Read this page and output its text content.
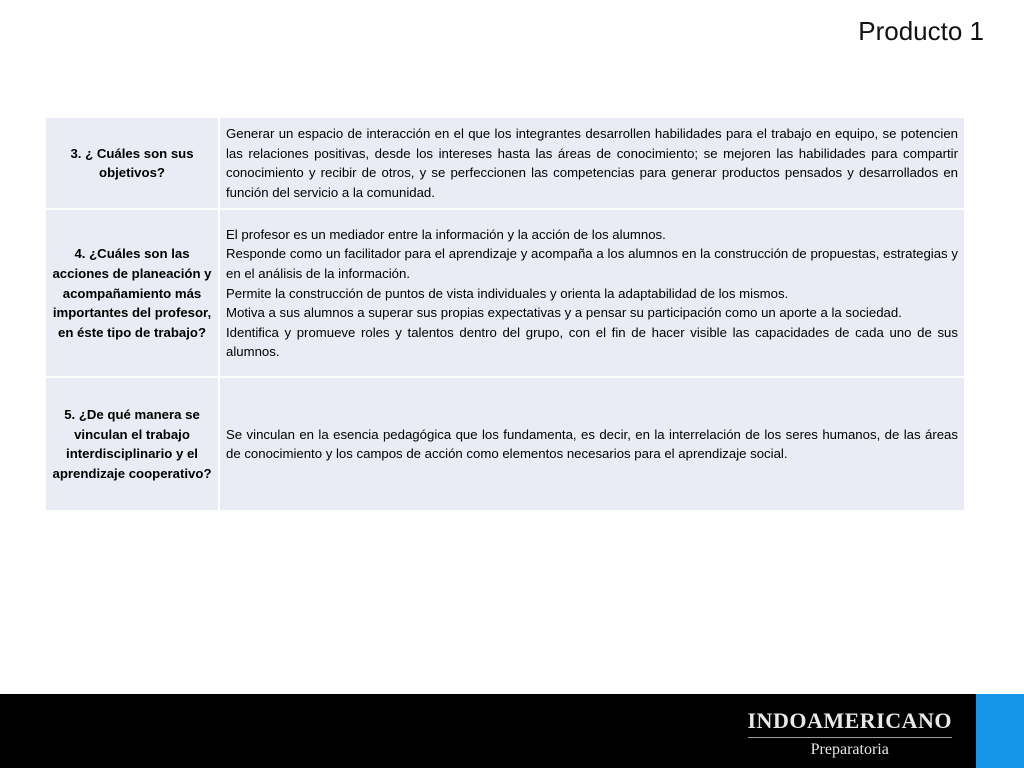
Producto 1
3. ¿ Cuáles son sus objetivos?	Generar un espacio de interacción en el que los integrantes desarrollen habilidades para el trabajo en equipo, se potencien las relaciones positivas, desde los intereses hasta las áreas de conocimiento; se mejoren las habilidades para compartir conocimiento y recibir de otros, y se perfeccionen las competencias para generar productos pensados y desarrollados en función del servicio a la comunidad.

4. ¿Cuáles son las acciones de planeación y acompañamiento más importantes del profesor, en éste tipo de trabajo?	El profesor es un mediador entre la información y la acción de los alumnos.
Responde como un facilitador para el aprendizaje y acompaña a los alumnos en la construcción de propuestas, estrategias y en el análisis de la información.
Permite la construcción de puntos de vista individuales y orienta la adaptabilidad de los mismos.
Motiva a sus alumnos a superar sus propias expectativas y a pensar su participación como un aporte a la sociedad.
Identifica y promueve roles y talentos dentro del grupo, con el fin de hacer visible las capacidades de cada uno de sus alumnos.

5. ¿De qué manera se vinculan el trabajo interdisciplinario y el aprendizaje cooperativo?	Se vinculan en la esencia pedagógica que los fundamenta, es decir, en la interrelación de los seres humanos, de las áreas de conocimiento y los campos de acción como elementos necesarios para el aprendizaje social.
INDOAMERICANO
Preparatoria
